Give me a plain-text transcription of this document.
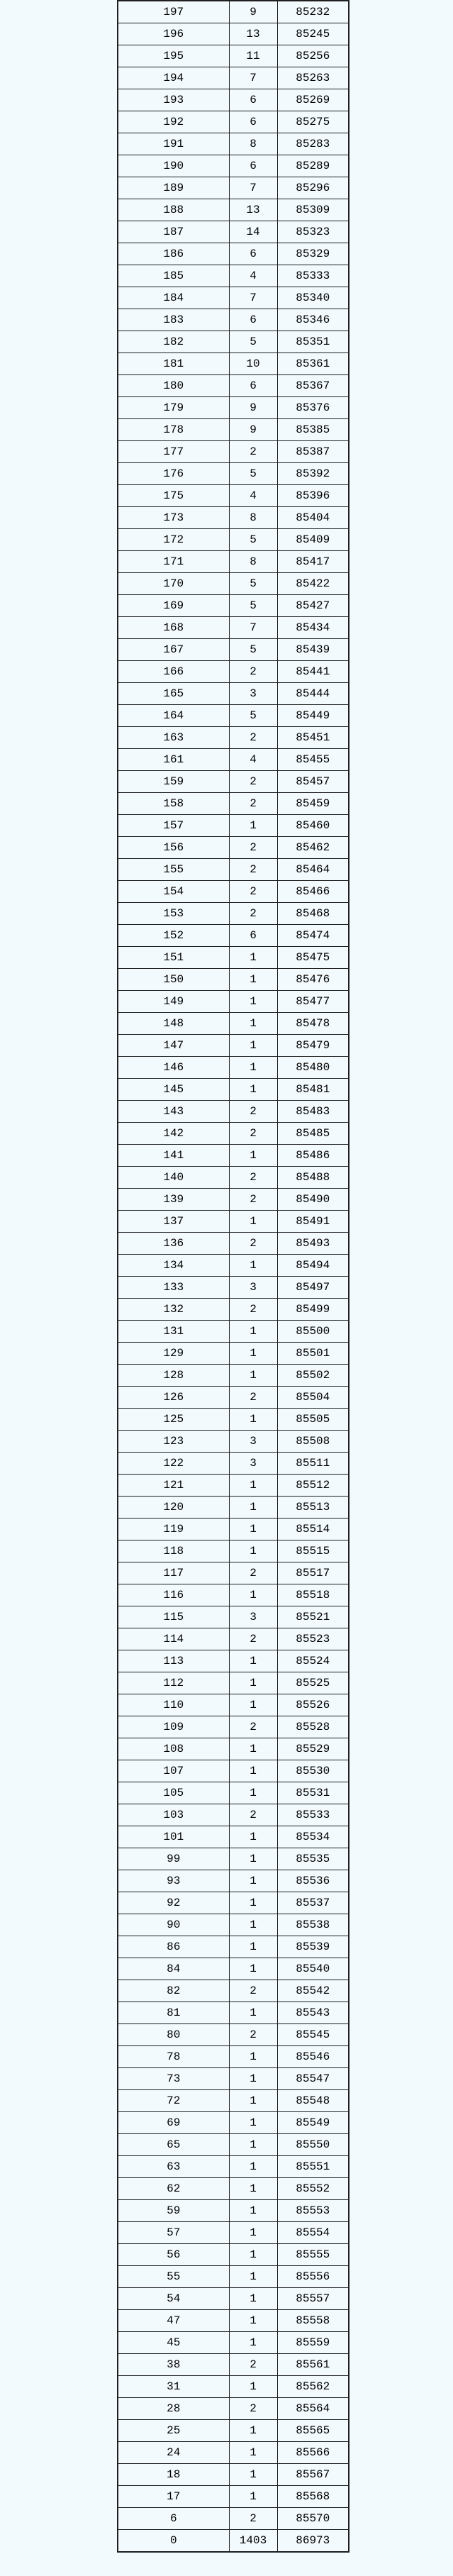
197	9	85232
196	13	85245
195	11	85256
194	7	85263
193	6	85269
192	6	85275
191	8	85283
190	6	85289
189	7	85296
188	13	85309
187	14	85323
186	6	85329
185	4	85333
184	7	85340
183	6	85346
182	5	85351
181	10	85361
180	6	85367
179	9	85376
178	9	85385
177	2	85387
176	5	85392
175	4	85396
173	8	85404
172	5	85409
171	8	85417
170	5	85422
169	5	85427
168	7	85434
167	5	85439
166	2	85441
165	3	85444
164	5	85449
163	2	85451
161	4	85455
159	2	85457
158	2	85459
157	1	85460
156	2	85462
155	2	85464
154	2	85466
153	2	85468
152	6	85474
151	1	85475
150	1	85476
149	1	85477
148	1	85478
147	1	85479
146	1	85480
145	1	85481
143	2	85483
142	2	85485
141	1	85486
140	2	85488
139	2	85490
137	1	85491
136	2	85493
134	1	85494
133	3	85497
132	2	85499
131	1	85500
129	1	85501
128	1	85502
126	2	85504
125	1	85505
123	3	85508
122	3	85511
121	1	85512
120	1	85513
119	1	85514
118	1	85515
117	2	85517
116	1	85518
115	3	85521
114	2	85523
113	1	85524
112	1	85525
110	1	85526
109	2	85528
108	1	85529
107	1	85530
105	1	85531
103	2	85533
101	1	85534
99	1	85535
93	1	85536
92	1	85537
90	1	85538
86	1	85539
84	1	85540
82	2	85542
81	1	85543
80	2	85545
78	1	85546
73	1	85547
72	1	85548
69	1	85549
65	1	85550
63	1	85551
62	1	85552
59	1	85553
57	1	85554
56	1	85555
55	1	85556
54	1	85557
47	1	85558
45	1	85559
38	2	85561
31	1	85562
28	2	85564
25	1	85565
24	1	85566
18	1	85567
17	1	85568
6	2	85570
0	1403	86973
